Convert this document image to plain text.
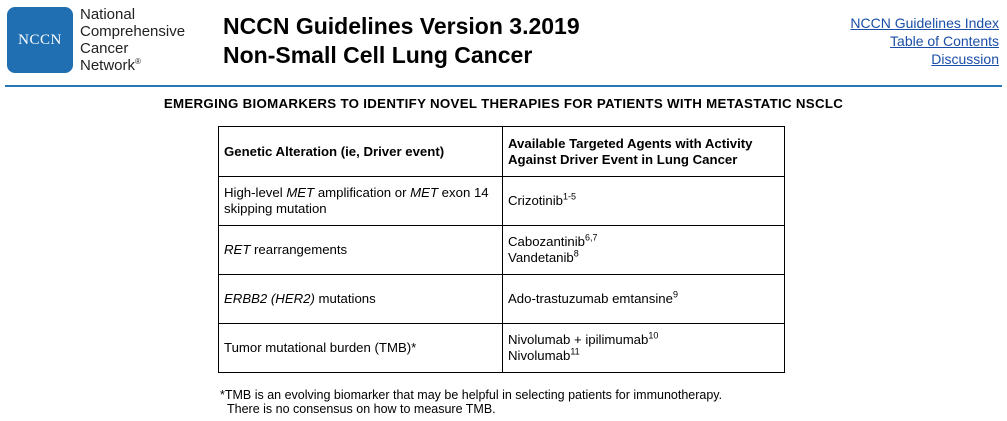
NCCN
National
Comprehensive
Cancer
Network®
NCCN Guidelines Version 3.2019
Non-Small Cell Lung Cancer
NCCN Guidelines Index
Table of Contents
Discussion
EMERGING BIOMARKERS TO IDENTIFY NOVEL THERAPIES FOR PATIENTS WITH METASTATIC NSCLC
Genetic Alteration (ie, Driver event)	Available Targeted Agents with Activity Against Driver Event in Lung Cancer
High-level MET amplification or MET exon 14 skipping mutation	Crizotinib$^{1-5}$

RET rearrangements	Cabozantinib$^{6,7}$
Vandetanib$^8$

ERBB2 (HER2) mutations	Ado-trastuzumab emtansine$^9$

Tumor mutational burden (TMB)*	Nivolumab + ipilimumab$^{10}$
Nivolumab$^{11}$
*TMB is an evolving biomarker that may be helpful in selecting patients for immunotherapy.
There is no consensus on how to measure TMB.
